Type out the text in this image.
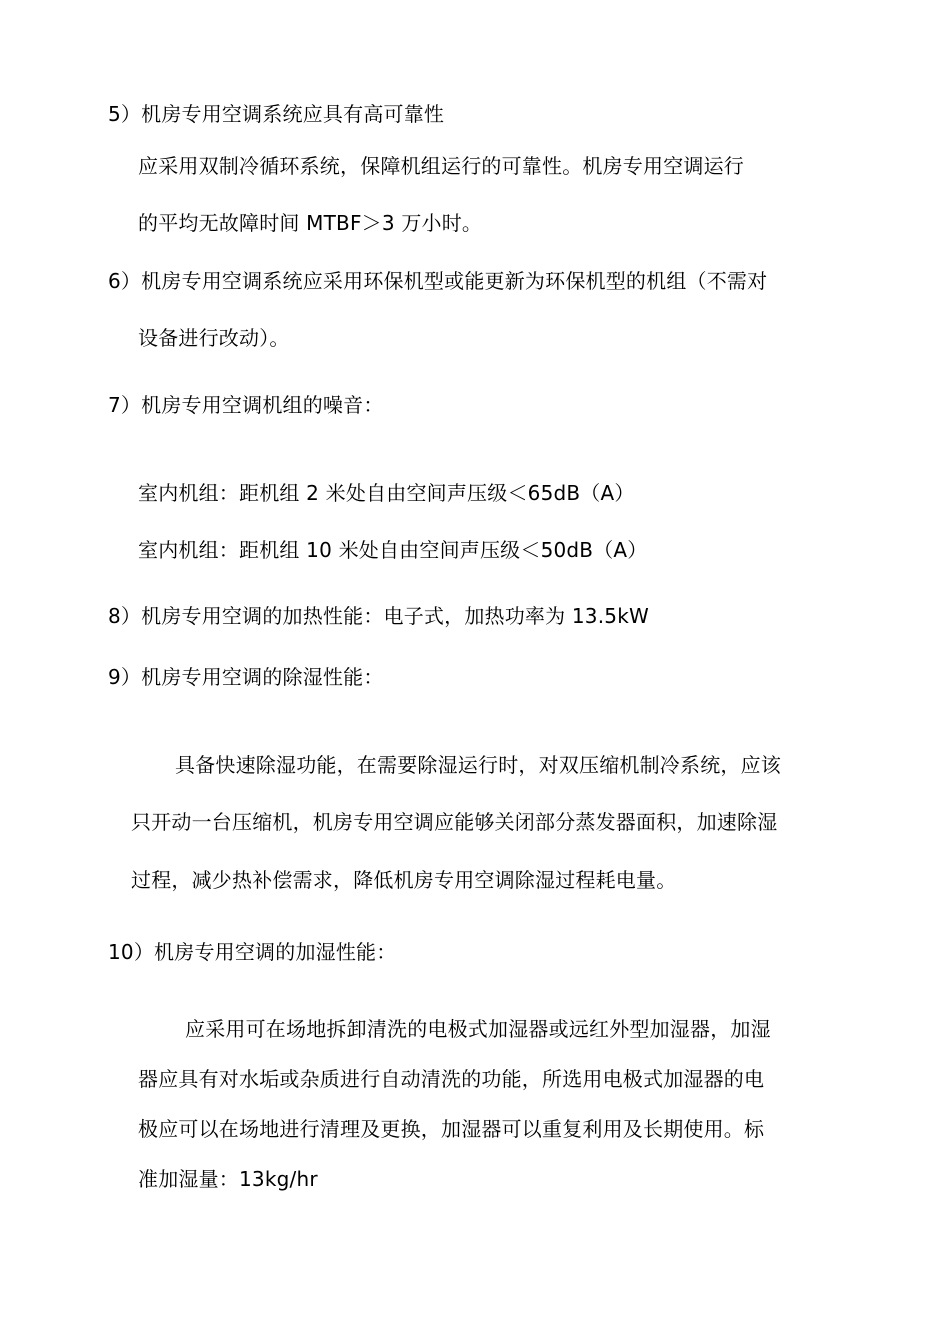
5）机房专用空调系统应具有高可靠性
应采用双制冷循环系统，保障机组运行的可靠性。机房专用空调运行
的平均无故障时间 MTBF＞3 万小时。
6）机房专用空调系统应采用环保机型或能更新为环保机型的机组（不需对
设备进行改动）。
7）机房专用空调机组的噪音：
室内机组：距机组 2 米处自由空间声压级＜65dB（A）
室内机组：距机组 10 米处自由空间声压级＜50dB（A）
8）机房专用空调的加热性能：电子式，加热功率为 13.5kW
9）机房专用空调的除湿性能：
具备快速除湿功能，在需要除湿运行时，对双压缩机制冷系统，应该
只开动一台压缩机，机房专用空调应能够关闭部分蒸发器面积，加速除湿
过程，减少热补偿需求，降低机房专用空调除湿过程耗电量。
10）机房专用空调的加湿性能：
应采用可在场地拆卸清洗的电极式加湿器或远红外型加湿器，加湿
器应具有对水垢或杂质进行自动清洗的功能，所选用电极式加湿器的电
极应可以在场地进行清理及更换，加湿器可以重复利用及长期使用。标
准加湿量：13kg/hr
